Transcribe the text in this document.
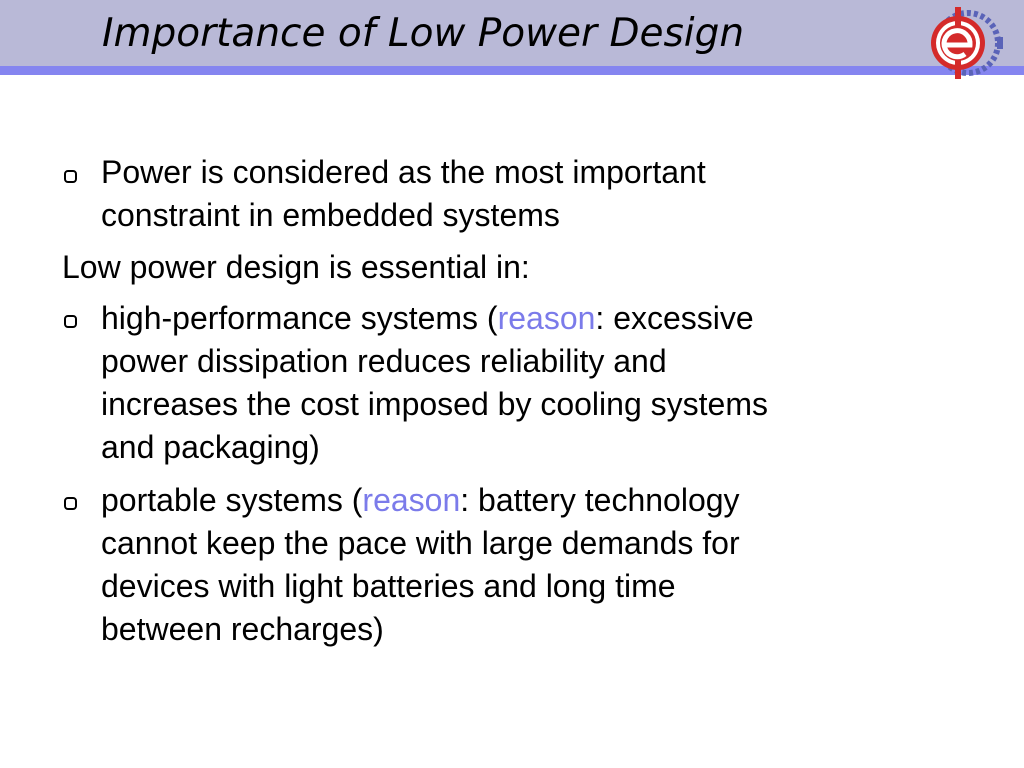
Importance of Low Power Design
Power is considered as the most important
constraint in embedded systems
Low power design is essential in:
high-performance systems (reason: excessive
power dissipation reduces reliability and
increases the cost imposed by cooling systems
and packaging)
portable systems (reason: battery technology
cannot keep the pace with large demands for
devices with light batteries and long time
between recharges)
